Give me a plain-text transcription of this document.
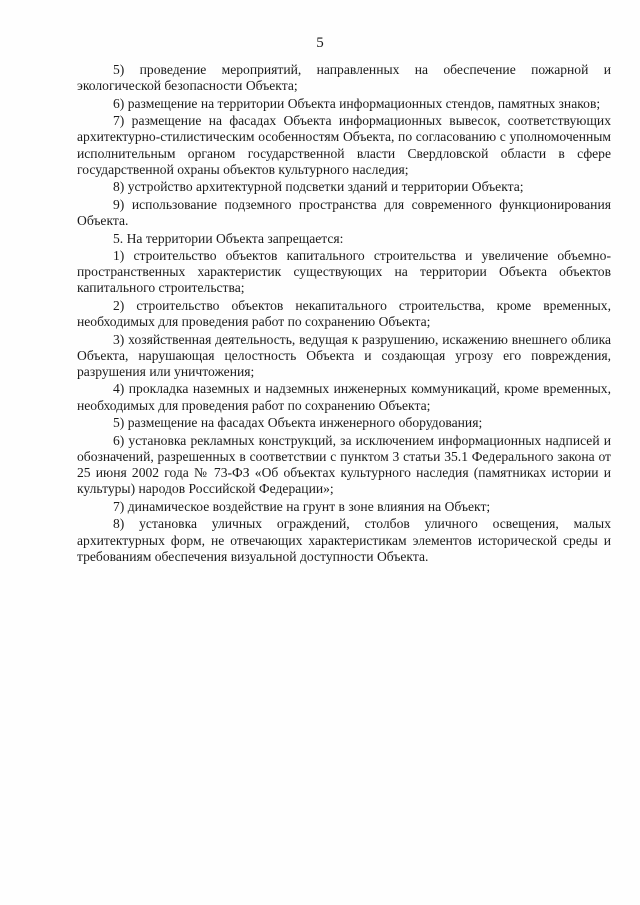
5

5) проведение мероприятий, направленных на обеспечение пожарной и экологической безопасности Объекта;

6) размещение на территории Объекта информационных стендов, памятных знаков;

7) размещение на фасадах Объекта информационных вывесок, соответствующих архитектурно-стилистическим особенностям Объекта, по согласованию с уполномоченным исполнительным органом государственной власти Свердловской области в сфере государственной охраны объектов культурного наследия;

8) устройство архитектурной подсветки зданий и территории Объекта;

9) использование подземного пространства для современного функционирования Объекта.

5. На территории Объекта запрещается:

1) строительство объектов капитального строительства и увеличение объемно-пространственных характеристик существующих на территории Объекта объектов капитального строительства;

2) строительство объектов некапитального строительства, кроме временных, необходимых для проведения работ по сохранению Объекта;

3) хозяйственная деятельность, ведущая к разрушению, искажению внешнего облика Объекта, нарушающая целостность Объекта и создающая угрозу его повреждения, разрушения или уничтожения;

4) прокладка наземных и надземных инженерных коммуникаций, кроме временных, необходимых для проведения работ по сохранению Объекта;

5) размещение на фасадах Объекта инженерного оборудования;

6) установка рекламных конструкций, за исключением информационных надписей и обозначений, разрешенных в соответствии с пунктом 3 статьи 35.1 Федерального закона от 25 июня 2002 года № 73-ФЗ «Об объектах культурного наследия (памятниках истории и культуры) народов Российской Федерации»;

7) динамическое воздействие на грунт в зоне влияния на Объект;

8) установка уличных ограждений, столбов уличного освещения, малых архитектурных форм, не отвечающих характеристикам элементов исторической среды и требованиям обеспечения визуальной доступности Объекта.
